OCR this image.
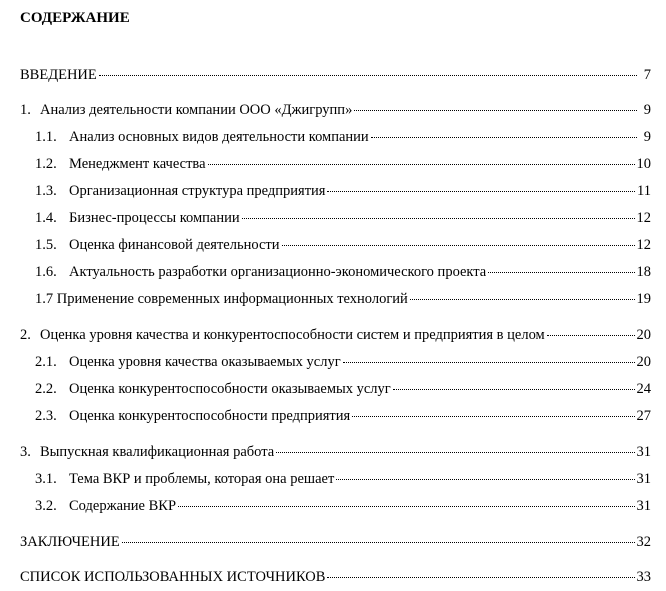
СОДЕРЖАНИЕ
ВВЕДЕНИЕ	7
1. Анализ деятельности компании ООО «Джигрупп»	9
1.1. Анализ основных видов деятельности компании	9
1.2. Менеджмент качества	10
1.3. Организационная структура предприятия	11
1.4. Бизнес-процессы компании	12
1.5. Оценка финансовой деятельности	12
1.6. Актуальность разработки организационно-экономического проекта	18
1.7 Применение современных информационных технологий	19
2. Оценка уровня качества и конкурентоспособности систем и предприятия в целом	20
2.1. Оценка уровня качества оказываемых услуг	20
2.2. Оценка конкурентоспособности оказываемых услуг	24
2.3. Оценка конкурентоспособности предприятия	27
3. Выпускная квалификационная работа	31
3.1. Тема ВКР и проблемы, которая она решает	31
3.2. Содержание ВКР	31
ЗАКЛЮЧЕНИЕ	32
СПИСОК ИСПОЛЬЗОВАННЫХ ИСТОЧНИКОВ	33
